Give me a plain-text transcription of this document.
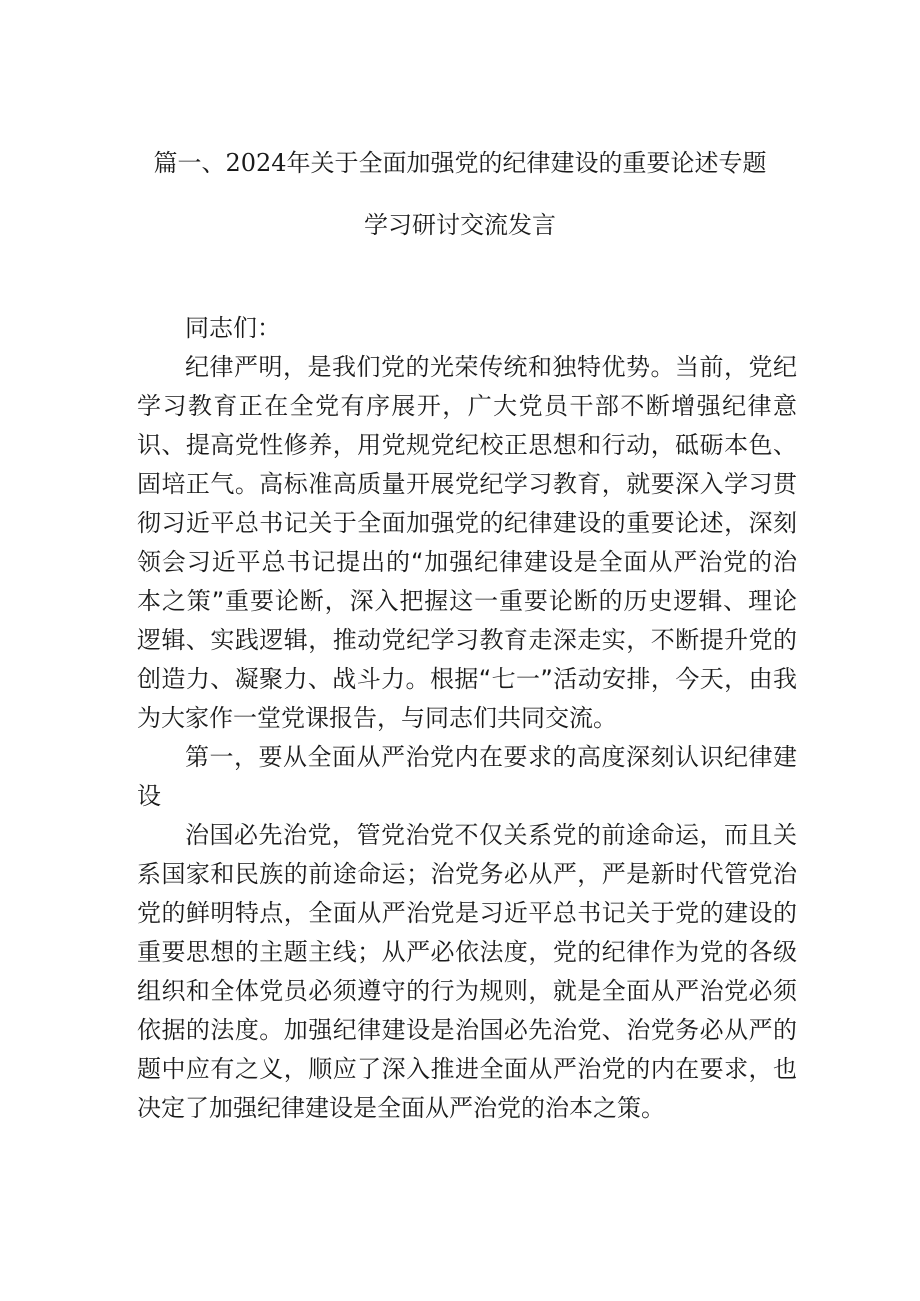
篇一、2024年关于全面加强党的纪律建设的重要论述专题
学习研讨交流发言

同志们：

纪律严明，是我们党的光荣传统和独特优势。当前，党纪学习教育正在全党有序展开，广大党员干部不断增强纪律意识、提高党性修养，用党规党纪校正思想和行动，砥砺本色、固培正气。高标准高质量开展党纪学习教育，就要深入学习贯彻习近平总书记关于全面加强党的纪律建设的重要论述，深刻领会习近平总书记提出的“加强纪律建设是全面从严治党的治本之策”重要论断，深入把握这一重要论断的历史逻辑、理论逻辑、实践逻辑，推动党纪学习教育走深走实，不断提升党的创造力、凝聚力、战斗力。根据“七一”活动安排，今天，由我为大家作一堂党课报告，与同志们共同交流。

第一，要从全面从严治党内在要求的高度深刻认识纪律建设

治国必先治党，管党治党不仅关系党的前途命运，而且关系国家和民族的前途命运；治党务必从严，严是新时代管党治党的鲜明特点，全面从严治党是习近平总书记关于党的建设的重要思想的主题主线；从严必依法度，党的纪律作为党的各级组织和全体党员必须遵守的行为规则，就是全面从严治党必须依据的法度。加强纪律建设是治国必先治党、治党务必从严的题中应有之义，顺应了深入推进全面从严治党的内在要求，也决定了加强纪律建设是全面从严治党的治本之策。
